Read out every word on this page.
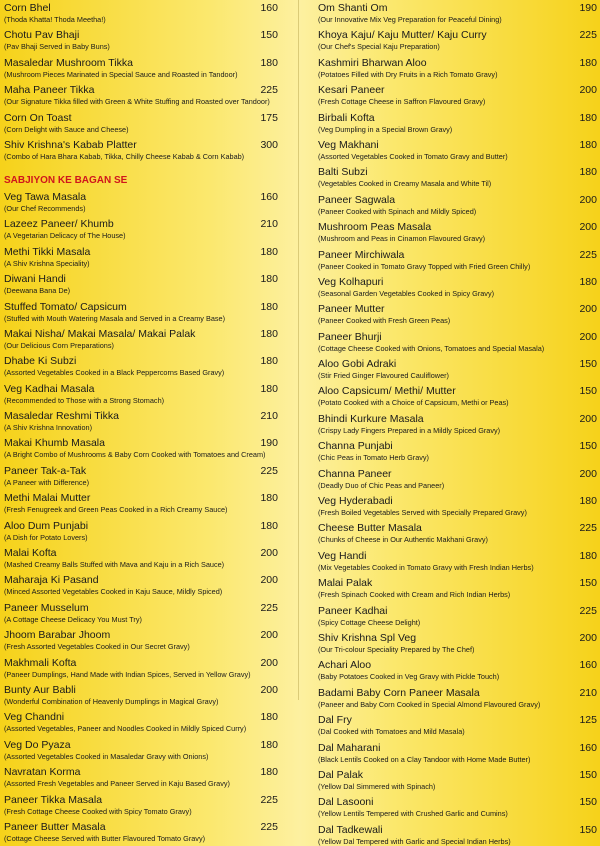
Corn Bhel	160
(Thoda Khatta! Thoda Meetha!)
Chotu Pav Bhaji	150
(Pav Bhaji Served in Baby Buns)
Masaledar Mushroom Tikka	180
(Mushroom Pieces Marinated in Special Sauce and Roasted in Tandoor)
Maha Paneer Tikka	225
(Our Signature Tikka filled with Green & White Stuffing and Roasted over Tandoor)
Corn On Toast	175
(Corn Delight with Sauce and Cheese)
Shiv Krishna's Kabab Platter	300
(Combo of Hara Bhara Kabab, Tikka, Chilly Cheese Kabab & Corn Kabab)
SABJIYON KE BAGAN SE
Veg Tawa Masala	160
(Our Chef Recommends)
Lazeez Paneer/ Khumb	210
(A Vegetarian Delicacy of The House)
Methi Tikki Masala	180
(A Shiv Krishna Speciality)
Diwani Handi	180
(Deewana Bana De)
Stuffed Tomato/ Capsicum	180
(Stuffed with Mouth Watering Masala and Served in a Creamy Base)
Makai Nisha/ Makai Masala/ Makai Palak	180
(Our Delicious Corn Preparations)
Dhabe Ki Subzi	180
(Assorted Vegetables Cooked in a Black Peppercorns Based Gravy)
Veg Kadhai Masala	180
(Recommended to Those with a Strong Stomach)
Masaledar Reshmi Tikka	210
(A Shiv Krishna Innovation)
Makai Khumb Masala	190
(A Bright Combo of Mushrooms & Baby Corn Cooked with Tomatoes and Cream)
Paneer Tak-a-Tak	225
(A Paneer with Difference)
Methi Malai Mutter	180
(Fresh Fenugreek and Green Peas Cooked in a Rich Creamy Sauce)
Aloo Dum Punjabi	180
(A Dish for Potato Lovers)
Malai Kofta	200
(Mashed Creamy Balls Stuffed with Mava and Kaju in a Rich Sauce)
Maharaja Ki Pasand	200
(Minced Assorted Vegetables Cooked in Kaju Sauce, Mildly Spiced)
Paneer Musselum	225
(A Cottage Cheese Delicacy You Must Try)
Jhoom Barabar Jhoom	200
(Fresh Assorted Vegetables Cooked in Our Secret Gravy)
Makhmali Kofta	200
(Paneer Dumplings, Hand Made with Indian Spices, Served in Yellow Gravy)
Bunty Aur Babli	200
(Wonderful Combination of Heavenly Dumplings in Magical Gravy)
Veg Chandni	180
(Assorted Vegetables, Paneer and Noodles Cooked in Mildly Spiced Curry)
Veg Do Pyaza	180
(Assorted Vegetables Cooked in Masaledar Gravy with Onions)
Navratan Korma	180
(Assorted Fresh Vegetables and Paneer Served in Kaju Based Gravy)
Paneer Tikka Masala	225
(Fresh Cottage Cheese Cooked with Spicy Tomato Gravy)
Paneer Butter Masala	225
(Cottage Cheese Served with Butter Flavoured Tomato Gravy)
Om Shanti Om	190
(Our Innovative Mix Veg Preparation for Peaceful Dining)
Khoya Kaju/ Kaju Mutter/ Kaju Curry	225
(Our Chef's Special Kaju Preparation)
Kashmiri Bharwan Aloo	180
(Potatoes Filled with Dry Fruits in a Rich Tomato Gravy)
Kesari Paneer	200
(Fresh Cottage Cheese in Saffron Flavoured Gravy)
Birbali Kofta	180
(Veg Dumpling in a Special Brown Gravy)
Veg Makhani	180
(Assorted Vegetables Cooked in Tomato Gravy and Butter)
Balti Subzi	180
(Vegetables Cooked in Creamy Masala and White Til)
Paneer Sagwala	200
(Paneer Cooked with Spinach and Mildly Spiced)
Mushroom Peas Masala	200
(Mushroom and Peas in Cinamon Flavoured Gravy)
Paneer Mirchiwala	225
(Paneer Cooked in Tomato Gravy Topped with Fried Green Chilly)
Veg Kolhapuri	180
(Seasonal Garden Vegetables Cooked in Spicy Gravy)
Paneer Mutter	200
(Paneer Cooked with Fresh Green Peas)
Paneer Bhurji	200
(Cottage Cheese Cooked with Onions, Tomatoes and Special Masala)
Aloo Gobi Adraki	150
(Stir Fried Ginger Flavoured Cauliflower)
Aloo Capsicum/ Methi/ Mutter	150
(Potato Cooked with a Choice of Capsicum, Methi or Peas)
Bhindi Kurkure Masala	200
(Crispy Lady Fingers Prepared in a Mildly Spiced Gravy)
Channa Punjabi	150
(Chic Peas in Tomato Herb Gravy)
Channa Paneer	200
(Deadly Duo of Chic Peas and Paneer)
Veg Hyderabadi	180
(Fresh Boiled Vegetables Served with Specially Prepared Gravy)
Cheese Butter Masala	225
(Chunks of Cheese in Our Authentic Makhani Gravy)
Veg Handi	180
(Mix Vegetables Cooked in Tomato Gravy with Fresh Indian Herbs)
Malai Palak	150
(Fresh Spinach Cooked with Cream and Rich Indian Herbs)
Paneer Kadhai	225
(Spicy Cottage Cheese Delight)
Shiv Krishna Spl Veg	200
(Our Tri-colour Speciality Prepared by The Chef)
Achari Aloo	160
(Baby Potatoes Cooked in Veg Gravy with Pickle Touch)
Badami Baby Corn Paneer Masala	210
(Paneer and Baby Corn Cooked in Special Almond Flavoured Gravy)
Dal Fry	125
(Dal Cooked with Tomatoes and Mild Masala)
Dal Maharani	160
(Black Lentils Cooked on a Clay Tandoor with Home Made Butter)
Dal Palak	150
(Yellow Dal Simmered with Spinach)
Dal Lasooni	150
(Yellow Lentils Tempered with Crushed Garlic and Cumins)
Dal Tadkewali	150
(Yellow Dal Tempered with Garlic and Special Indian Herbs)
